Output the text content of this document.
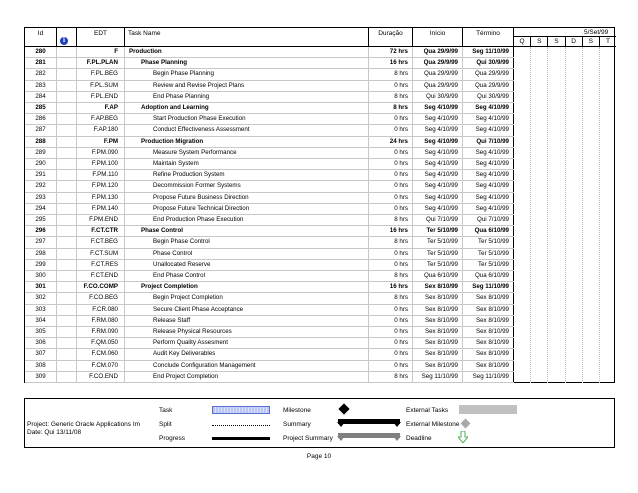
Id
i
EDT	Task Name	Duração	Início	Término	5/Set/99
Q	S	S	D	S	T
280	F	Production	72 hrs	Qua 29/9/99	Seg 11/10/99
281	F.PL.PLAN	Phase Planning	16 hrs	Qua 29/9/99	Qui 30/9/99
282	F.PL.BEG	Begin Phase Planning	8 hrs	Qua 29/9/99	Qua 29/9/99
283	F.PL.SUM	Review and Revise Project Plans	0 hrs	Qua 29/9/99	Qua 29/9/99
284	F.PL.END	End Phase Planning	8 hrs	Qui 30/9/99	Qui 30/9/99
285	F.AP	Adoption and Learning	8 hrs	Seg 4/10/99	Seg 4/10/99
286	F.AP.BEG	Start Production Phase Execution	0 hrs	Seg 4/10/99	Seg 4/10/99
287	F.AP.180	Conduct Effectiveness Assessment	0 hrs	Seg 4/10/99	Seg 4/10/99
288	F.PM	Production Migration	24 hrs	Seg 4/10/99	Qui 7/10/99
289	F.PM.090	Measure System Performance	0 hrs	Seg 4/10/99	Seg 4/10/99
290	F.PM.100	Maintain System	0 hrs	Seg 4/10/99	Seg 4/10/99
291	F.PM.110	Refine Production System	0 hrs	Seg 4/10/99	Seg 4/10/99
292	F.PM.120	Decommission Former Systems	0 hrs	Seg 4/10/99	Seg 4/10/99
293	F.PM.130	Propose Future Business Direction	0 hrs	Seg 4/10/99	Seg 4/10/99
294	F.PM.140	Propose Future Technical Direction	0 hrs	Seg 4/10/99	Seg 4/10/99
295	F.PM.END	End Production Phase Execution	8 hrs	Qui 7/10/99	Qui 7/10/99
296	F.CT.CTR	Phase Control	16 hrs	Ter 5/10/99	Qua 6/10/99
297	F.CT.BEG	Begin Phase Control	8 hrs	Ter 5/10/99	Ter 5/10/99
298	F.CT.SUM	Phase Control	0 hrs	Ter 5/10/99	Ter 5/10/99
299	F.CT.RES	Unallocated Reserve	0 hrs	Ter 5/10/99	Ter 5/10/99
300	F.CT.END	End Phase Control	8 hrs	Qua 6/10/99	Qua 6/10/99
301	F.CO.COMP	Project Completion	16 hrs	Sex 8/10/99	Seg 11/10/99
302	F.CO.BEG	Begin Project Completion	8 hrs	Sex 8/10/99	Sex 8/10/99
303	F.CR.080	Secure Client Phase Acceptance	0 hrs	Sex 8/10/99	Sex 8/10/99
304	F.RM.080	Release Staff	0 hrs	Sex 8/10/99	Sex 8/10/99
305	F.RM.090	Release Physical Resources	0 hrs	Sex 8/10/99	Sex 8/10/99
306	F.QM.050	Perform Quality Assesment	0 hrs	Sex 8/10/99	Sex 8/10/99
307	F.CM.060	Audit Key Deliverables	0 hrs	Sex 8/10/99	Sex 8/10/99
308	F.CM.070	Conclude Configuration Management	0 hrs	Sex 8/10/99	Sex 8/10/99
309	F.CO.END	End Project Completion	8 hrs	Seg 11/10/99	Seg 11/10/99
Project: Generic Oracle Applications Im
Date: Qui 13/11/08
Task
Split
Progress
Milestone
Summary
Project Summary
External Tasks
External Milestone
Deadline
Page 10
